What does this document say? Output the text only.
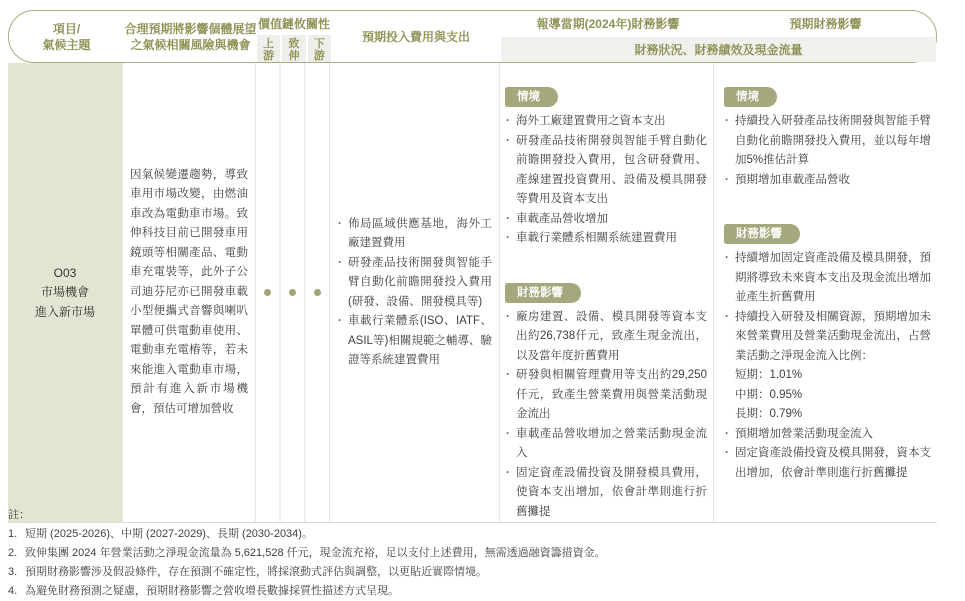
項目/
氣候主題
合理預期將影響個體展望
之氣候相關風險與機會
價值鏈攸關性
上游
致伸
下游
預期投入費用與支出
報導當期(2024年)財務影響	預期財務影響
財務狀況、財務績效及現金流量
O03
市場機會
進入新市場

因氣候變遷趨勢，導致車用市場改變，由燃油車改為電動車市場。致伸科技目前已開發車用鏡頭等相關產品、電動車充電裝等，此外子公司迪芬尼亦已開發車載小型便攜式音響與喇叭單體可供電動車使用、電動車充電樁等，若未來能進入電動車市場，預計有進入新市場機會，預估可增加營收

· 佈局區域供應基地，海外工廠建置費用
· 研發產品技術開發與智能手臂自動化前瞻開發投入費用(研發、設備、開發模具等)
· 車載行業體系(ISO、IATF、ASIL等)相關規範之輔導、驗證等系統建置費用
情境
· 海外工廠建置費用之資本支出
· 研發產品技術開發與智能手臂自動化前瞻開發投入費用，包含研發費用、產線建置投資費用、設備及模具開發等費用及資本支出
· 車載產品營收增加
· 車載行業體系相關系統建置費用
財務影響
· 廠房建置、設備、模具開發等資本支出約26,738仟元，致產生現金流出，以及當年度折舊費用
· 研發與相關管理費用等支出約29,250仟元，致產生營業費用與營業活動現金流出
· 車載產品營收增加之營業活動現金流入
· 固定資產設備投資及開發模具費用，使資本支出增加，依會計準則進行折舊攤提
情境
· 持續投入研發產品技術開發與智能手臂自動化前瞻開發投入費用，並以每年增加5%推估計算
· 預期增加車載產品營收
財務影響
· 持續增加固定資產設備及模具開發，預期將導致未來資本支出及現金流出增加並產生折舊費用
· 持續投入研發及相關資源，預期增加未來營業費用及營業活動現金流出，占營業活動之淨現金流入比例：
短期：1.01%
中期：0.95%
長期：0.79%
· 預期增加營業活動現金流入
· 固定資產設備投資及模具開發，資本支出增加，依會計準則進行折舊攤提
註：
1. 短期 (2025-2026)、中期 (2027-2029)、長期 (2030-2034)。
2. 致伸集團 2024 年營業活動之淨現金流量為 5,621,528 仟元，現金流充裕，足以支付上述費用，無需透過融資籌措資金。
3. 預期財務影響涉及假設條件，存在預測不確定性，將採滾動式評估與調整，以更貼近實際情境。
4. 為避免財務預測之疑慮，預期財務影響之營收增長數據採質性描述方式呈現。
